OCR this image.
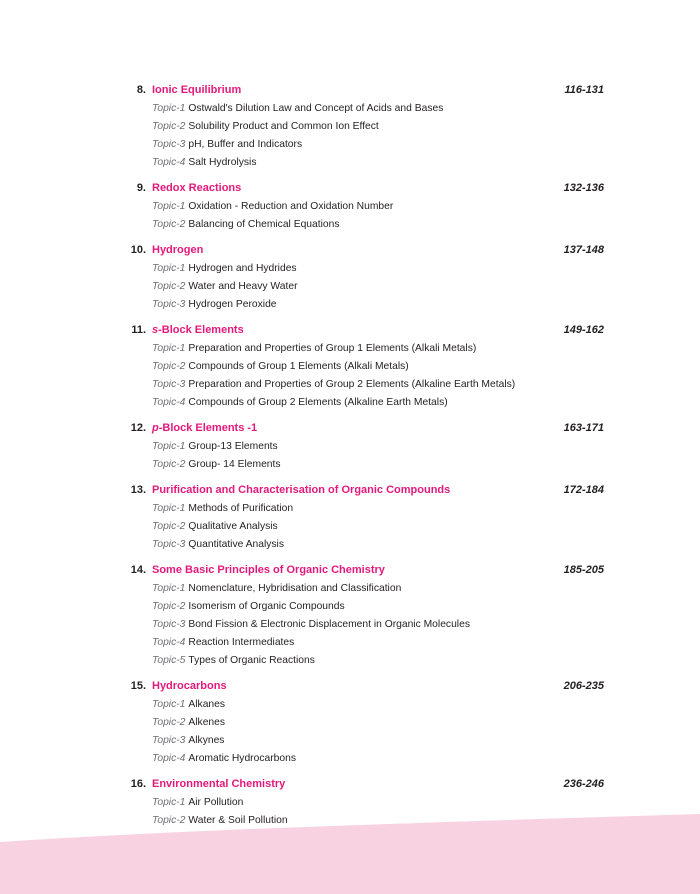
8. Ionic Equilibrium	116-131
Topic-1 Ostwald's Dilution Law and Concept of Acids and Bases
Topic-2 Solubility Product and Common Ion Effect
Topic-3 pH, Buffer and Indicators
Topic-4 Salt Hydrolysis
9. Redox Reactions	132-136
Topic-1 Oxidation - Reduction and Oxidation Number
Topic-2 Balancing of Chemical Equations
10. Hydrogen	137-148
Topic-1 Hydrogen and Hydrides
Topic-2 Water and Heavy Water
Topic-3 Hydrogen Peroxide
11. s-Block Elements	149-162
Topic-1 Preparation and Properties of Group 1 Elements (Alkali Metals)
Topic-2 Compounds of Group 1 Elements (Alkali Metals)
Topic-3 Preparation and Properties of Group 2 Elements (Alkaline Earth Metals)
Topic-4 Compounds of Group 2 Elements (Alkaline Earth Metals)
12. p-Block Elements -1	163-171
Topic-1 Group-13 Elements
Topic-2 Group- 14 Elements
13. Purification and Characterisation of Organic Compounds	172-184
Topic-1 Methods of Purification
Topic-2 Qualitative Analysis
Topic-3 Quantitative Analysis
14. Some Basic Principles of Organic Chemistry	185-205
Topic-1 Nomenclature, Hybridisation and Classification
Topic-2 Isomerism of Organic Compounds
Topic-3 Bond Fission & Electronic Displacement in Organic Molecules
Topic-4 Reaction Intermediates
Topic-5 Types of Organic Reactions
15. Hydrocarbons	206-235
Topic-1 Alkanes
Topic-2 Alkenes
Topic-3 Alkynes
Topic-4 Aromatic Hydrocarbons
16. Environmental Chemistry	236-246
Topic-1 Air Pollution
Topic-2 Water & Soil Pollution
